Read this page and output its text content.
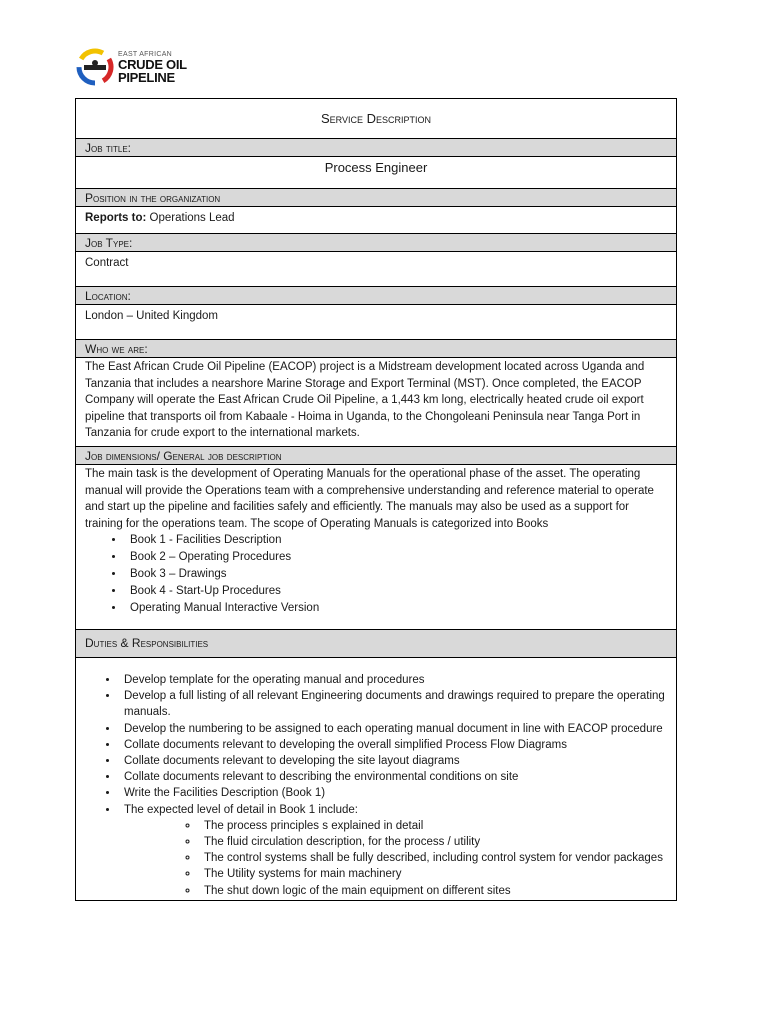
EAST AFRICAN
CRUDE OIL
PIPELINE
Service Description
Job title:
Process Engineer
Position in the organization
Reports to: Operations Lead
Job Type:
Contract
Location:
London – United Kingdom
Who we are:
The East African Crude Oil Pipeline (EACOP) project is a Midstream development located across Uganda and Tanzania that includes a nearshore Marine Storage and Export Terminal (MST). Once completed, the EACOP Company will operate the East African Crude Oil Pipeline, a 1,443 km long, electrically heated crude oil export pipeline that transports oil from Kabaale - Hoima in Uganda, to the Chongoleani Peninsula near Tanga Port in Tanzania for crude export to the international markets.
Job dimensions/ General job description
The main task is the development of Operating Manuals for the operational phase of the asset. The operating manual will provide the Operations team with a comprehensive understanding and reference material to operate and start up the pipeline and facilities safely and efficiently. The manuals may also be used as a support for training for the operations team. The scope of Operating Manuals is categorized into Books
• Book 1 - Facilities Description
• Book 2 – Operating Procedures
• Book 3 – Drawings
• Book 4 - Start-Up Procedures
• Operating Manual Interactive Version
Duties & Responsibilities
• Develop template for the operating manual and procedures
• Develop a full listing of all relevant Engineering documents and drawings required to prepare the operating manuals.
• Develop the numbering to be assigned to each operating manual document in line with EACOP procedure
• Collate documents relevant to developing the overall simplified Process Flow Diagrams
• Collate documents relevant to developing the site layout diagrams
• Collate documents relevant to describing the environmental conditions on site
• Write the Facilities Description (Book 1)
• The expected level of detail in Book 1 include:
◦ The process principles s explained in detail
◦ The fluid circulation description, for the process / utility
◦ The control systems shall be fully described, including control system for vendor packages
◦ The Utility systems for main machinery
◦ The shut down logic of the main equipment on different sites
